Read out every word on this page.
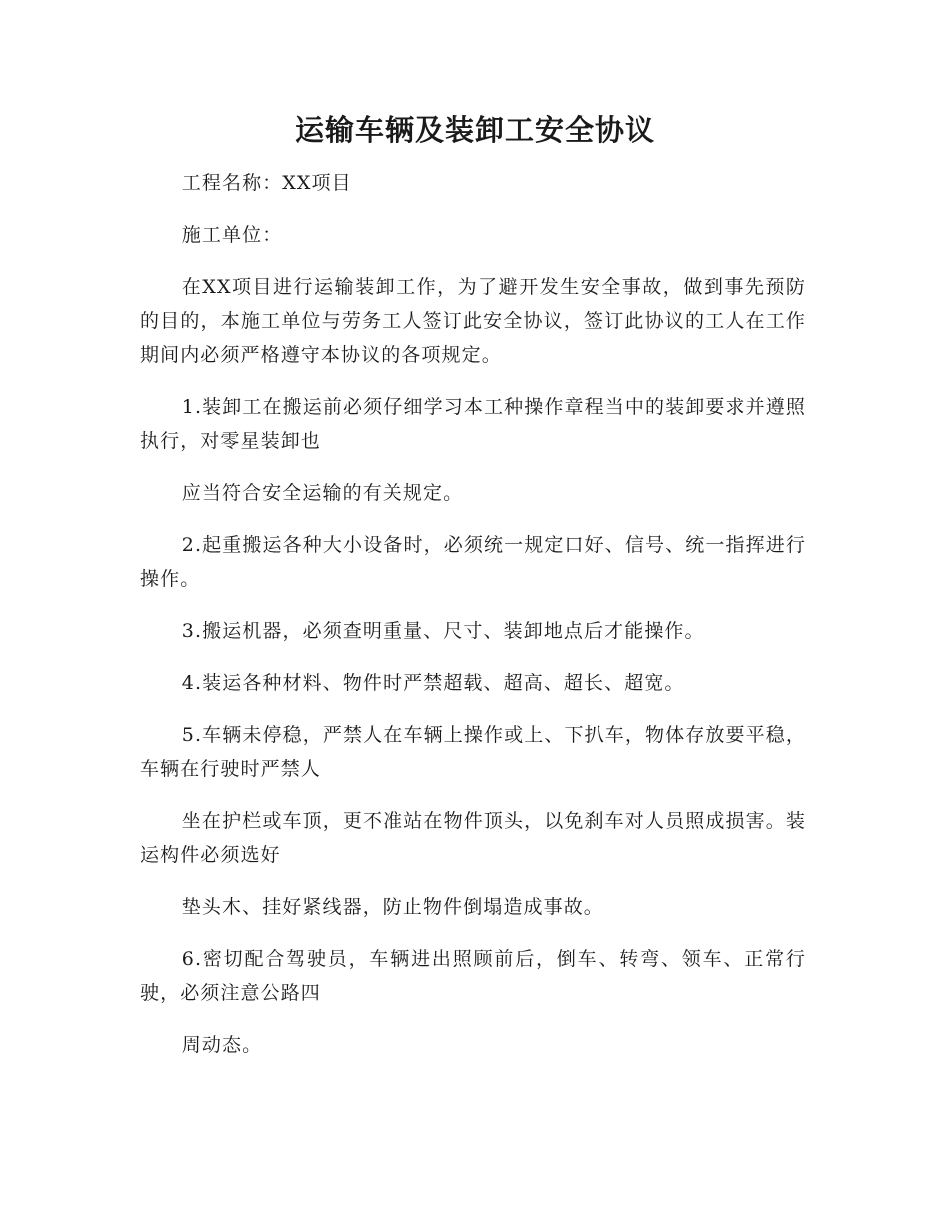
运输车辆及装卸工安全协议

工程名称：XX项目

施工单位：

在XX项目进行运输装卸工作，为了避开发生安全事故，做到事先预防的目的，本施工单位与劳务工人签订此安全协议，签订此协议的工人在工作期间内必须严格遵守本协议的各项规定。

1.装卸工在搬运前必须仔细学习本工种操作章程当中的装卸要求并遵照执行，对零星装卸也

应当符合安全运输的有关规定。

2.起重搬运各种大小设备时，必须统一规定口好、信号、统一指挥进行操作。

3.搬运机器，必须查明重量、尺寸、装卸地点后才能操作。

4.装运各种材料、物件时严禁超载、超高、超长、超宽。

5.车辆未停稳，严禁人在车辆上操作或上、下扒车，物体存放要平稳，车辆在行驶时严禁人

坐在护栏或车顶，更不准站在物件顶头，以免刹车对人员照成损害。装运构件必须选好

垫头木、挂好紧线器，防止物件倒塌造成事故。

6.密切配合驾驶员，车辆进出照顾前后，倒车、转弯、领车、正常行驶，必须注意公路四

周动态。
